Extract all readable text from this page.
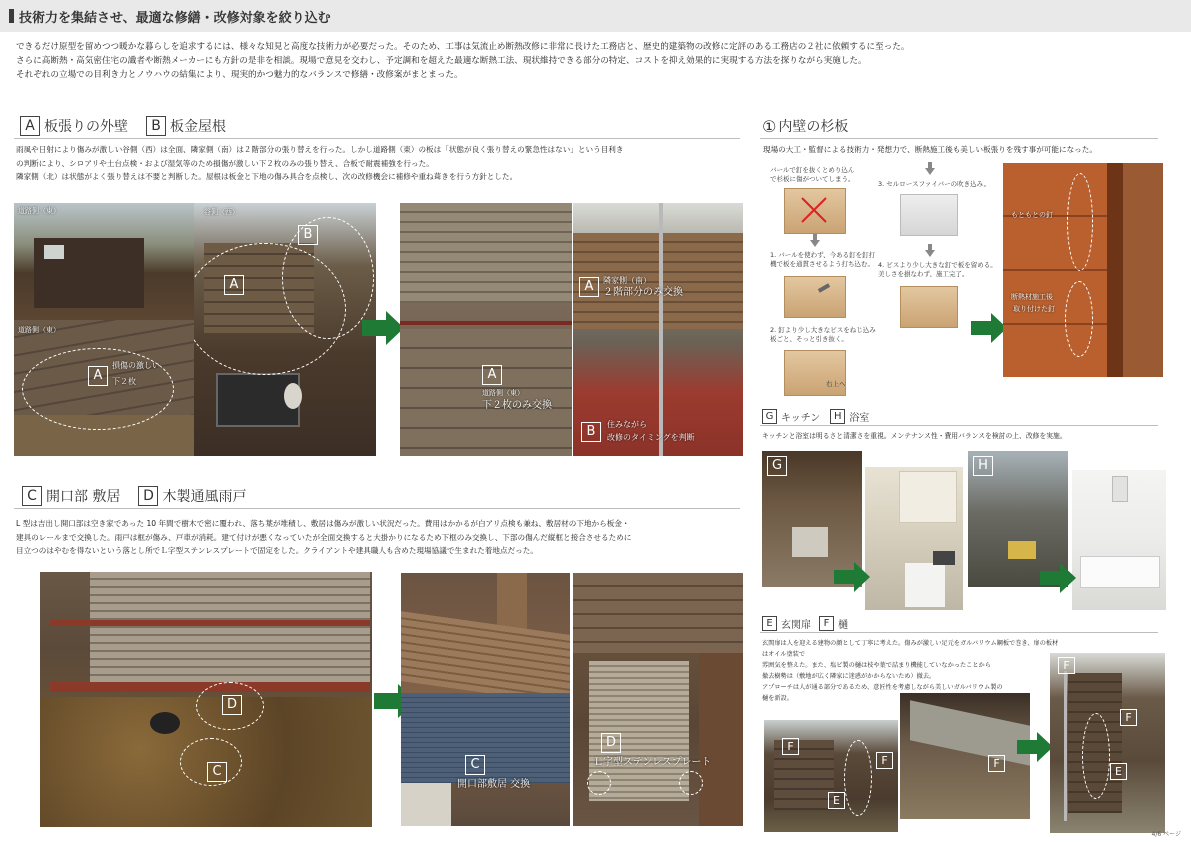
技術力を集結させ、最適な修繕・改修対象を絞り込む

できるだけ原型を留めつつ暖かな暮らしを追求するには、様々な知見と高度な技術力が必要だった。そのため、工事は気流止め断熱改修に非常に長けた工務店と、歴史的建築物の改修に定評のある工務店の２社に依頼するに至った。

さらに高断熱・高気密住宅の識者や断熱メーカーにも方針の是非を相談。現場で意見を交わし、予定調和を超えた最適な断熱工法、現状維持できる部分の特定、コストを抑え効果的に実現する方法を探りながら実施した。

それぞれの立場での目利き力とノウハウの結集により、現実的かつ魅力的なバランスで修繕・改修案がまとまった。

A 板張りの外壁	B 板金屋根

雨風や日射により傷みが激しい谷側（西）は全面、隣家側（南）は２階部分の張り替えを行った。しかし道路側（東）の板は「状態が良く張り替えの緊急性はない」という目利き

の判断により、シロアリや土台点検・および湿気等のため損傷が激しい下２枚のみの張り替え、合板で耐震補強を行った。

隣家側（北）は状態がよく張り替えは不要と判断した。屋根は板金と下地の傷み具合を点検し、次の改修機会に補修や重ね葺きを行う方針とした。

道路側（東）
道路側（東）
A
損傷の激しい
下２枚
谷側（西）
A
B
A
道路側（東）
下２枚のみ交換
A	隣家側（南）
２階部分のみ交換
B	住みながら
改修のタイミングを判断
C 開口部 敷居	D 木製通風雨戸

L 型は吉出し開口部は空き家であった 10 年間で樹木で密に覆われ、落ち葉が堆積し、敷居は傷みが激しい状況だった。費用はかかるが白アリ点検も兼ね、敷居材の下地から板金・

建具のレールまで交換した。雨戸は框が傷み、戸車が消耗。建て付けが悪くなっていたが全面交換すると大掛かりになるため下框のみ交換し、下部の傷んだ縦框と接合させるために

目立つのはやむを得ないという落とし所でＬ字型ステンレスプレートで固定をした。クライアントや建具職人も含めた現場協議で生まれた着地点だった。

D
C	C
開口部敷居 交換
D
Ｌ字型ステンレスプレート
① 内壁の杉板
現場の大工・監督による技術力・発想力で、断熱施工後も美しい板張りを残す事が可能になった。
バールで釘を抜くとめり込んで杉板に傷がついてしまう。
1. バールを使わず、今ある釘を釘打機で板を通貫させるよう打ち込む。
2. 釘より少し大きなビスをねじ込み板ごと、そっと引き抜く。
右上へ
3. セルロースファイバーの吹き込み。
4. ビスより少し大きな釘で板を留める。美しさを損なわず、施工完了。
もともとの釘
断熱材施工後
取り付けた釘
G キッチン	H 浴室
キッチンと浴室は明るさと清潔さを重視。メンテナンス性・費用バランスを検討の上、改修を実施。
G	H
E 玄関扉	F 樋

玄関扉は人を迎える建物の顔として丁寧に考えた。傷みが激しい足元をガルバリウム鋼板で巻き、扉の板材はオイル塗装で

雰囲気を整えた。また、塩ビ製の樋は枝や葉で詰まり機能していなかったことから

撤去樹勢は（敷地が広く隣家に迷惑がかからないため）撤去。

アプローチは人が通る部分であるため、意匠性を考慮しながら美しいガルバリウム製の

樋を新設。

F
F
E
F
F
F
E
4/6 ページ
